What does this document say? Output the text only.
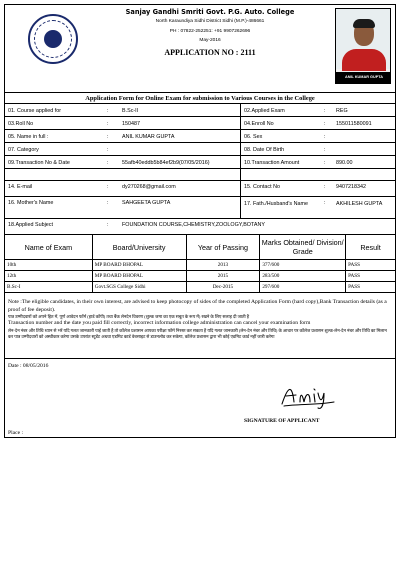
Sanjay Gandhi Smriti Govt. P.G. Auto. College
North Karaundiya Sidhi District Sidhi (M.P.)-486661
PH : 07822-252251: +91 9907262696
May-2016
APPLICATION NO : 2111
ANIL KUMAR GUPTA
Application Form for Online Exam for submission to Various Courses in the College
01. Course applied for	:	B.Sc-II	02.Applied Exam	: REG
03.Roll No	:	150487	04.Enroll No	: 155011580091
05. Name in full :	:	ANIL KUMAR GUPTA	06. Sex	:
07. Category	:	08. Date Of Birth	:
09.Transaction No & Date	:	55afb40eddb5b84ef2b9(07/05/2016)	10.Transaction Amount	: 890.00
14. E-mail	:	dy270268@gmail.com	15. Contact No	: 9407218342
16. Mother's Name	:	SAHGEETA GUPTA	17. Fath./Husband's Name	: AKHILESH GUPTA
18.Applied Subject	:	FOUNDATION COURSE,CHEMISTRY,ZOOLOGY,BOTANY
Name of Exam	Board/University	Year of Passing	Marks Obtained/ Division/ Grade	Result
10th	MP BOARD BHOPAL	2013	377/600	PASS
12th	MP BOARD BHOPAL	2015	283/500	PASS
B.Sc-I	Govt.SGS College Sidhi	Dec-2015	297/600	PASS
Note :The eligible candidates, in their own interest, are advised to keep photocopy of sides of the completed Application Form (hard copy),Bank Transaction details (as a proof of fee deposit).
पात्र उम्मीदवारों को अपने हित में, पूर्ण आवेदन फॉर्म (हार्ड कॉपी) तथा बैंक लेनदेन विवरण (शुल्क जमा का एक सबूत के रूप में) रखने के लिए सलाह दी जाती है
Transaction number and the date you paid fill correctly, incorrect information college administration can cancel your examination form
लेन-देन नंबर और तिथि ध्यान से भरें यदि गलत जानकारी पाई जाती है तो कॉलेज प्रशासन आपका परीक्षा फॉर्म निरस्त कर सकता है यदि गलत जानकारी (लेन-देन नंबर और तिथि) के आधार पर कॉलेज प्रशासन शुल्क-लेन-देन नंबर और तिथि का मिलान कर पात्र उम्मीदवारों को अस्वीकार करेगा उसके उपरांत स्टूडेंट अथवा एडमिट कार्ड वेबसाइट से डाउनलोड कर सकेगा, कॉलेज प्रशासन द्वारा भी कोई एडमिट कार्ड नहीं जारी करेगा
Date : 08/05/2016
SIGNATURE OF APPLICANT
Place :
